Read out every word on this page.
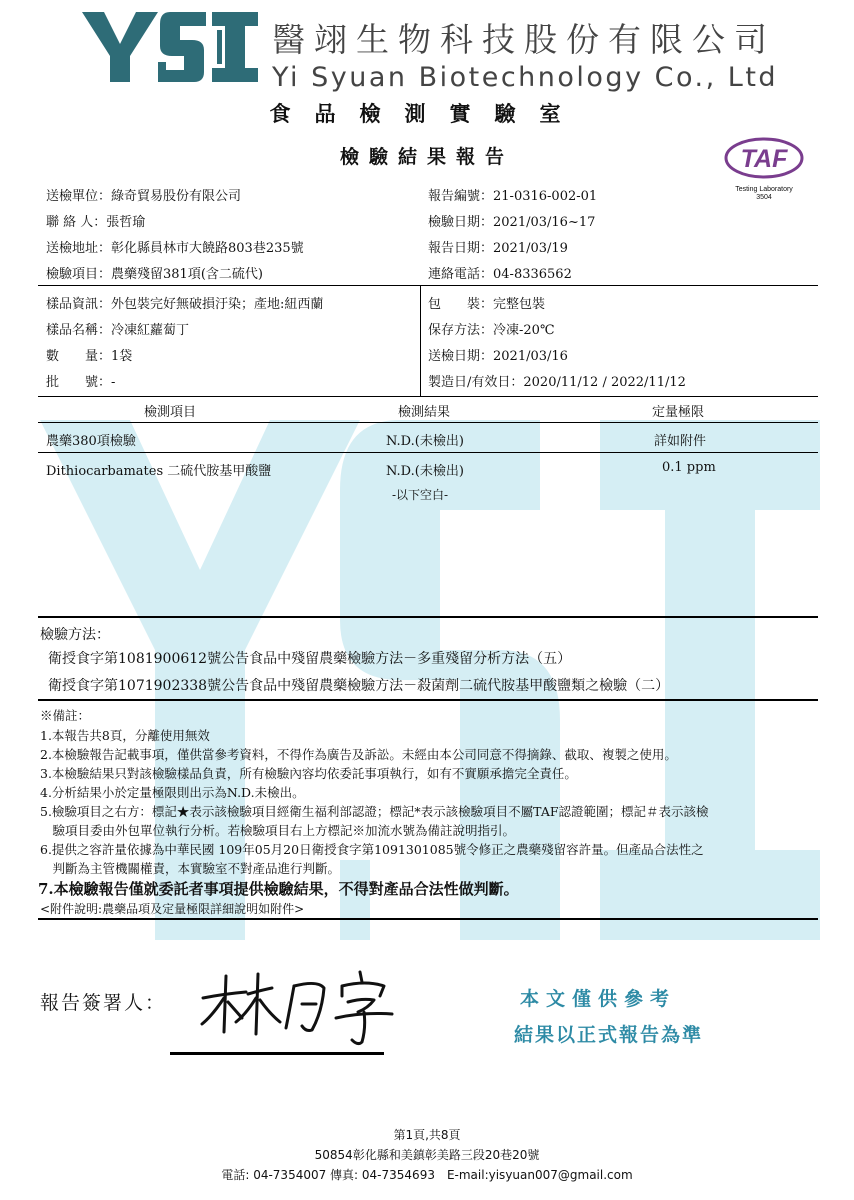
醫翊生物科技股份有限公司
Yi Syuan Biotechnology Co., Ltd
食品檢測實驗室
檢驗結果報告	TAF
Testing Laboratory
3504
送檢單位：綠奇貿易股份有限公司
聯 絡 人：張哲瑜
送檢地址：彰化縣員林市大饒路803巷235號
檢驗項目：農藥殘留381項(含二硫代)
報告編號：21-0316-002-01
檢驗日期：2021/03/16~17
報告日期：2021/03/19
連絡電話：04-8336562
樣品資訊：外包裝完好無破損汙染；產地:紐西蘭
樣品名稱：冷凍紅蘿蔔丁
數　　量：1袋
批　　號：-
包　　裝：完整包裝
保存方法：冷凍-20℃
送檢日期：2021/03/16
製造日/有效日：2020/11/12 / 2022/11/12
檢測項目	檢測結果	定量極限
農藥380項檢驗	N.D.(未檢出)	詳如附件
Dithiocarbamates 二硫代胺基甲酸鹽	N.D.(未檢出)	0.1 ppm
-以下空白-
檢驗方法：
衛授食字第1081900612號公告食品中殘留農藥檢驗方法－多重殘留分析方法（五）
衛授食字第1071902338號公告食品中殘留農藥檢驗方法－殺菌劑二硫代胺基甲酸鹽類之檢驗（二）
※備註：
1.本報告共8頁，分離使用無效
2.本檢驗報告記載事項，僅供當參考資料，不得作為廣告及訴訟。未經由本公司同意不得摘錄、截取、複製之使用。
3.本檢驗結果只對該檢驗樣品負責，所有檢驗內容均依委託事項執行，如有不實願承擔完全責任。
4.分析結果小於定量極限則出示為N.D.未檢出。
5.檢驗項目之右方：標記★表示該檢驗項目經衛生福利部認證；標記*表示該檢驗項目不屬TAF認證範圍；標記＃表示該檢
　驗項目委由外包單位執行分析。若檢驗項目右上方標記※加流水號為備註說明指引。
6.提供之容許量依據為中華民國 109年05月20日衛授食字第1091301085號令修正之農藥殘留容許量。但產品合法性之
　判斷為主管機關權責，本實驗室不對產品進行判斷。
7.本檢驗報告僅就委託者事項提供檢驗結果，不得對產品合法性做判斷。
<附件說明:農藥品項及定量極限詳細說明如附件>
報告簽署人：	本文僅供參考
結果以正式報告為準
第1頁,共8頁
50854彰化縣和美鎮彰美路三段20巷20號
電話: 04-7354007 傳真: 04-7354693　E-mail:yisyuan007@gmail.com
